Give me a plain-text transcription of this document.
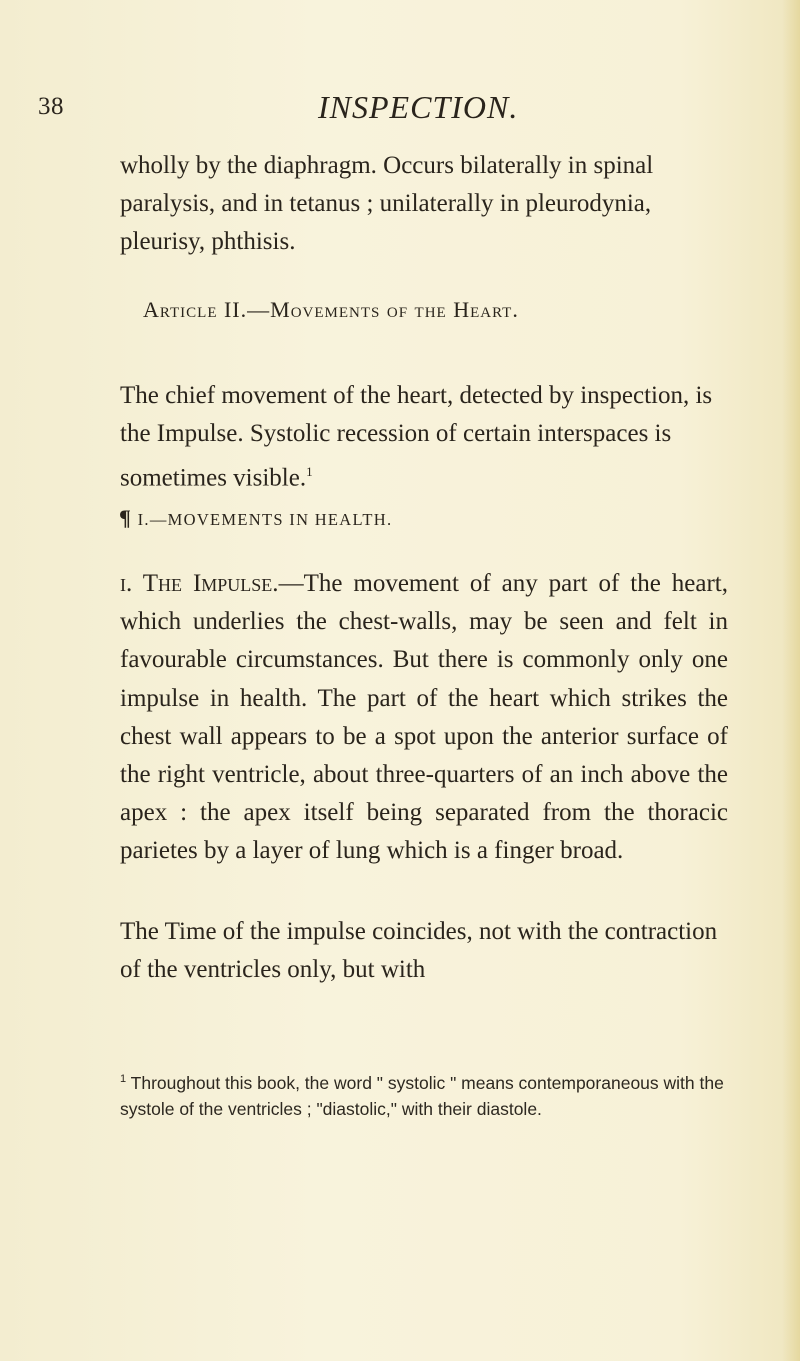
38	INSPECTION.

wholly by the diaphragm. Occurs bilaterally in spinal paralysis, and in tetanus ; unilaterally in pleurodynia, pleurisy, phthisis.

Article II.—Movements of the Heart.

The chief movement of the heart, detected by inspection, is the Impulse. Systolic recession of certain interspaces is sometimes visible.$^1$

¶ I.—MOVEMENTS IN HEALTH.

i. The Impulse.—The movement of any part of the heart, which underlies the chest-walls, may be seen and felt in favourable circumstances. But there is commonly only one impulse in health. The part of the heart which strikes the chest wall appears to be a spot upon the anterior surface of the right ventricle, about three-quarters of an inch above the apex : the apex itself being separated from the thoracic parietes by a layer of lung which is a finger broad.

The Time of the impulse coincides, not with the contraction of the ventricles only, but with

$^1$ Throughout this book, the word " systolic " means contemporaneous with the systole of the ventricles ; "diastolic," with their diastole.
